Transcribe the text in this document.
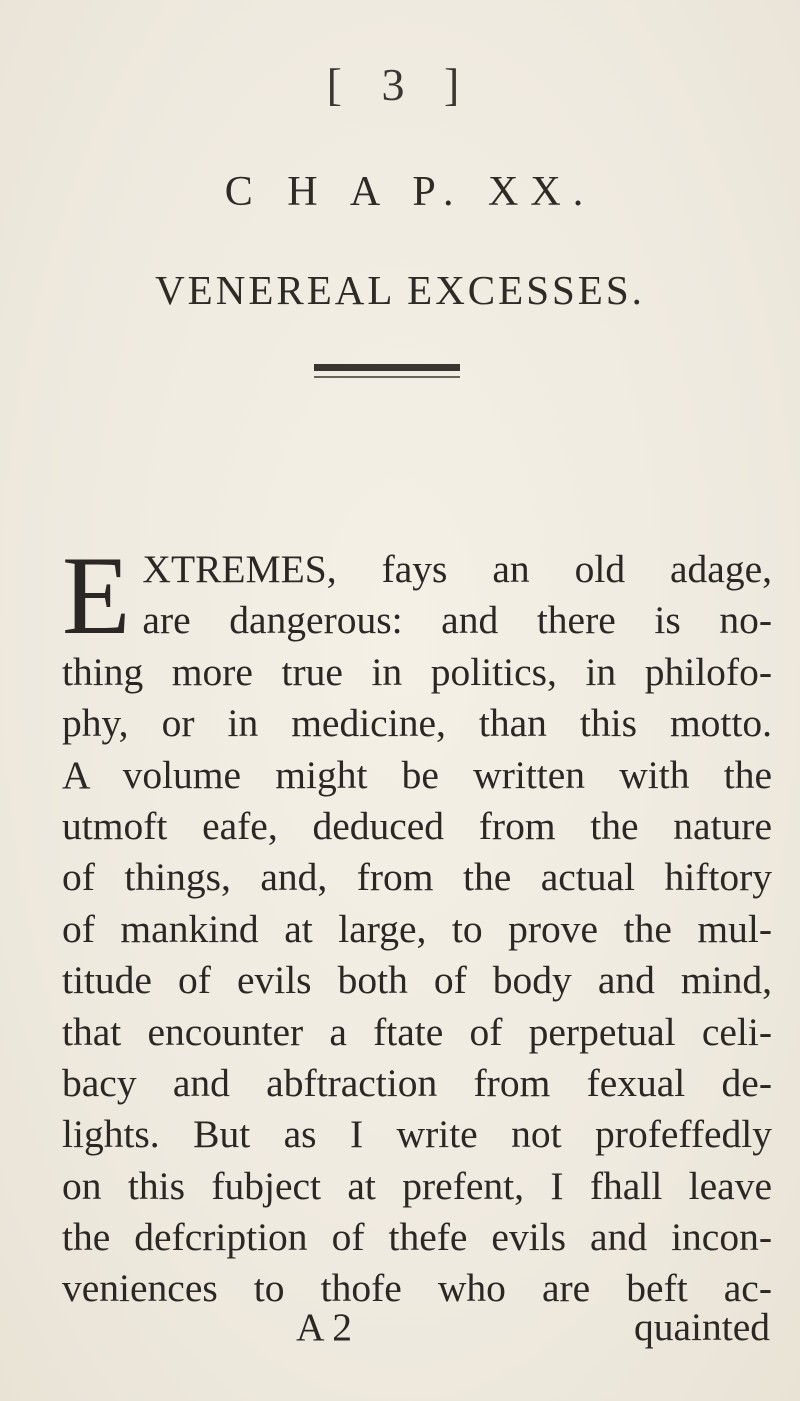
[ 3 ]
C H A P. XX.
VENEREAL EXCESSES.
E XTREMES, fays an old adage,
are dangerous: and there is no-
thing more true in politics, in philofo-
phy, or in medicine, than this motto.
A volume might be written with the
utmoft eafe, deduced from the nature
of things, and, from the actual hiftory
of mankind at large, to prove the mul-
titude of evils both of body and mind,
that encounter a ftate of perpetual celi-
bacy and abftraction from fexual de-
lights. But as I write not profeffedly
on this fubject at prefent, I fhall leave
the defcription of thefe evils and incon-
veniences to thofe who are beft ac-
A 2	quainted
